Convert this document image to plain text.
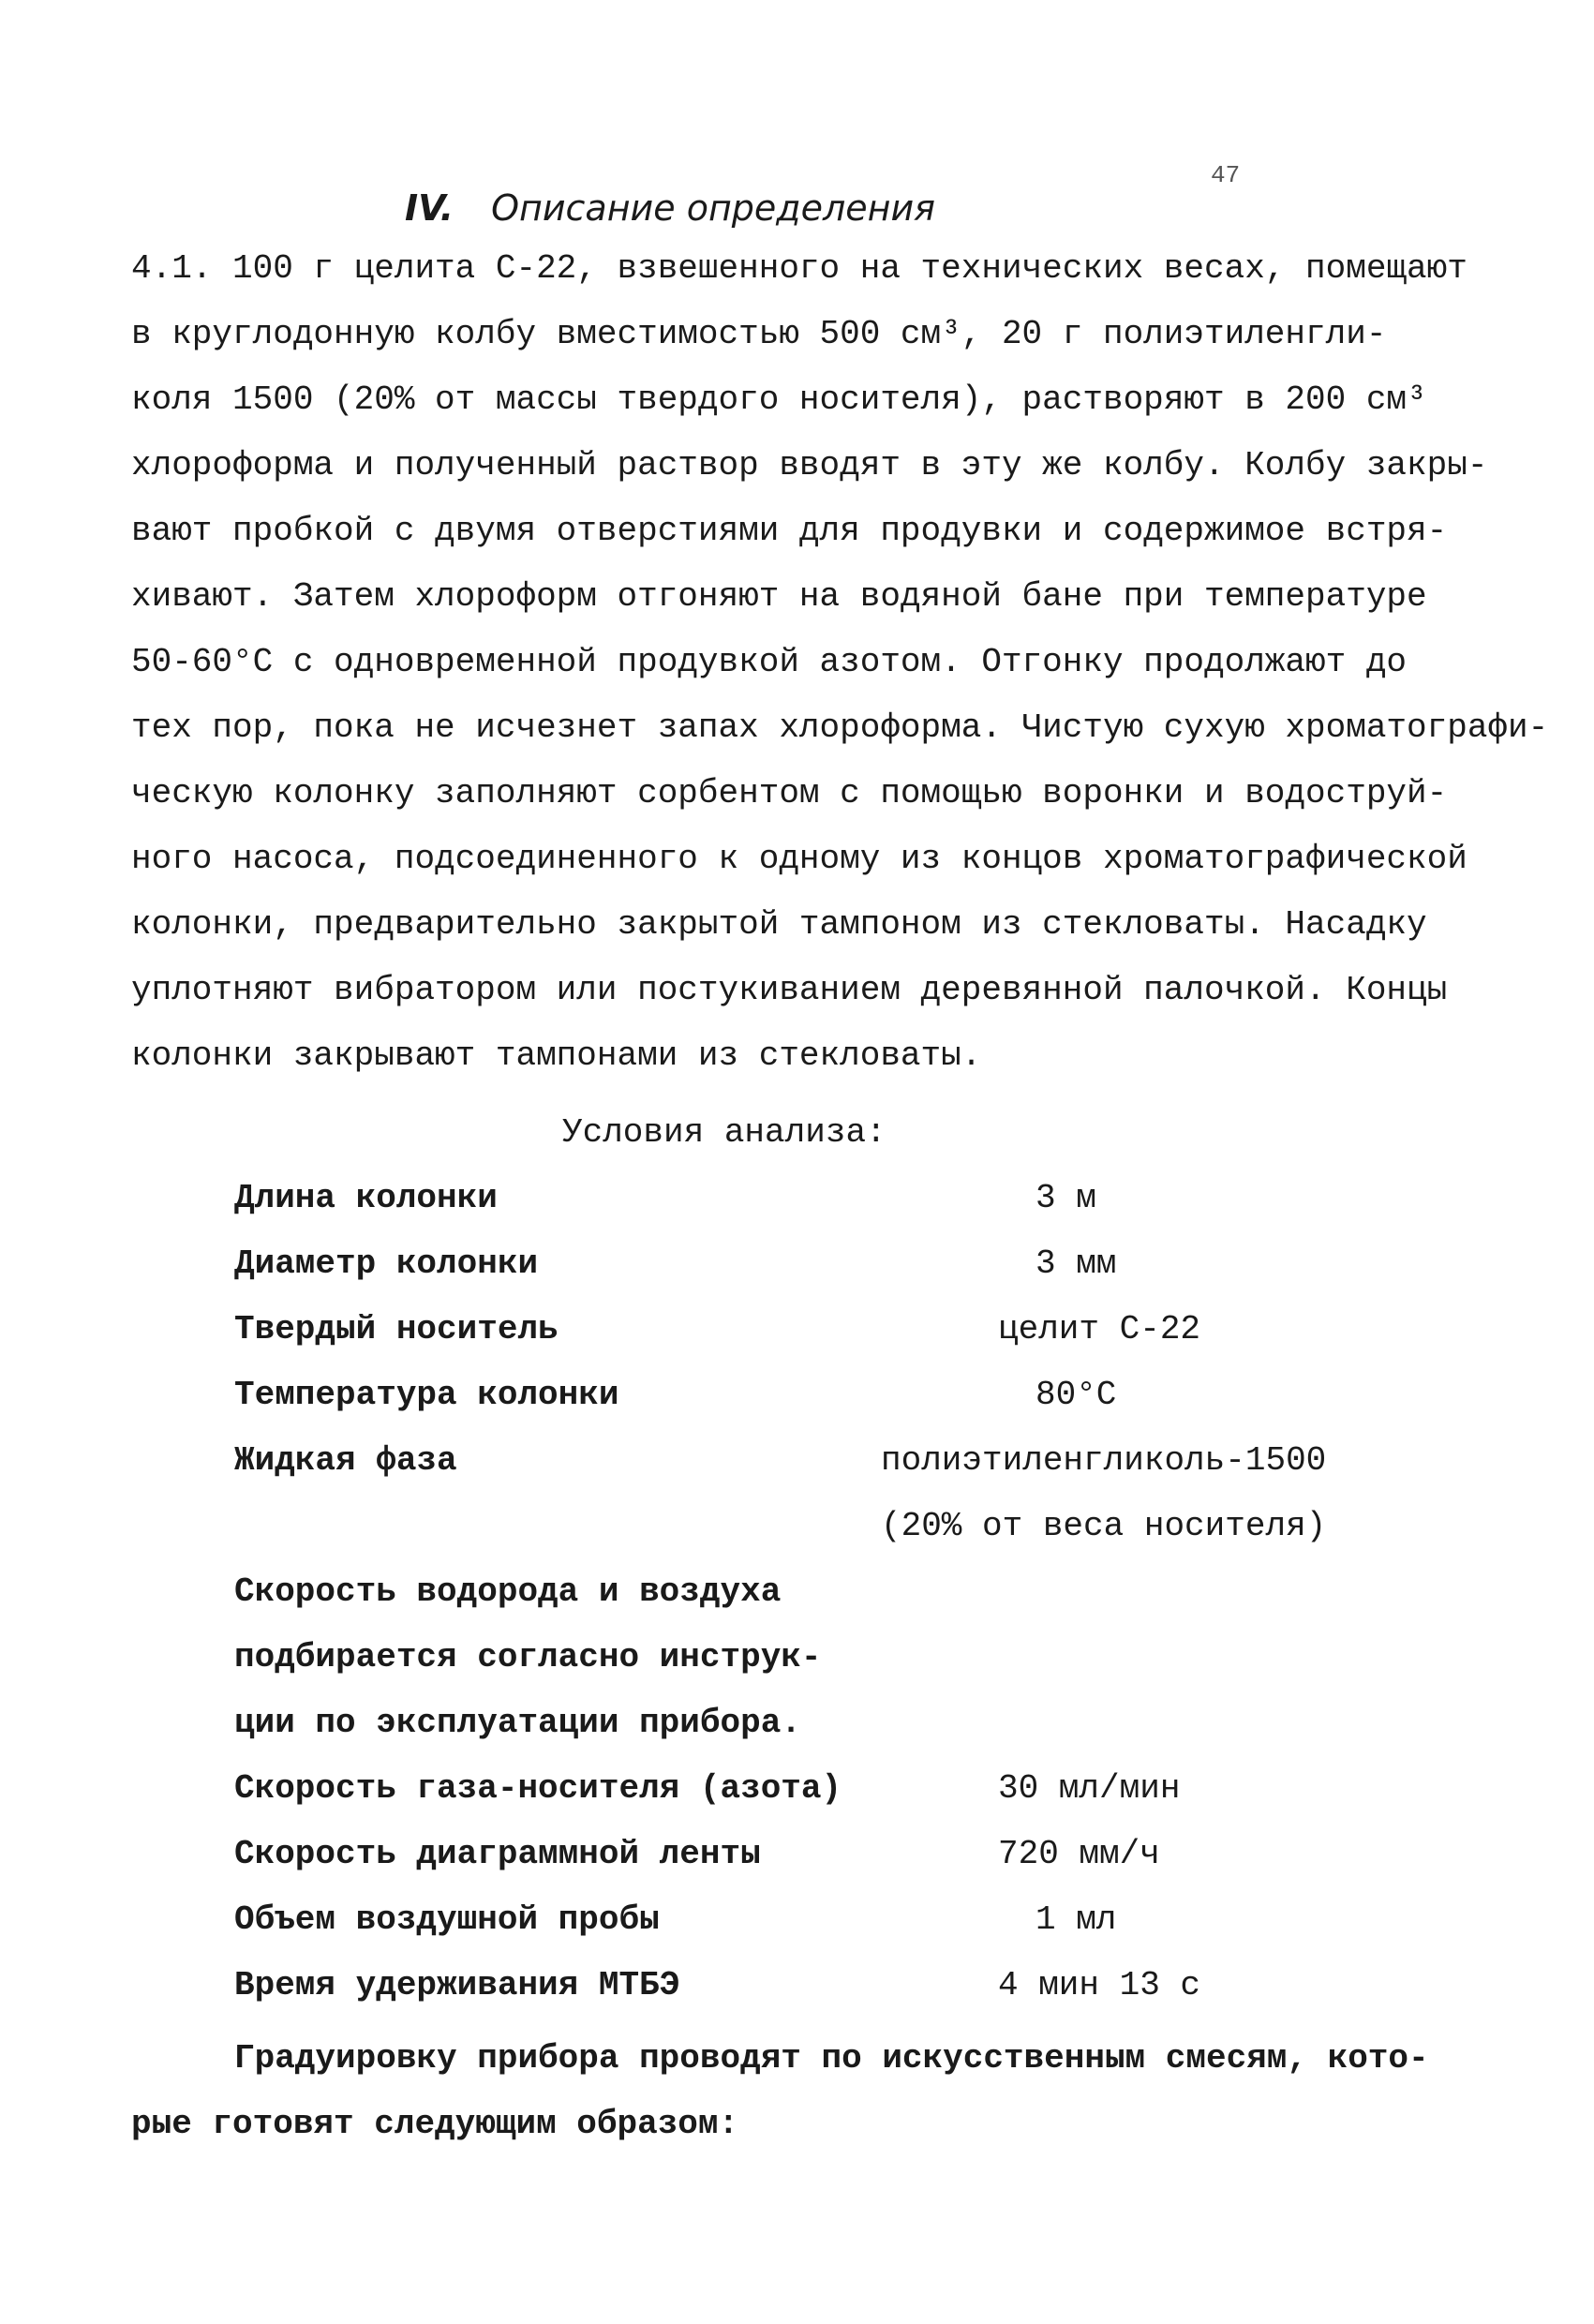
47
IV. Описание определения
4.1. 100 г целита С-22, взвешенного на технических весах, помещают
в круглодонную колбу вместимостью 500 см³, 20 г полиэтиленгли-
коля 1500 (20% от массы твердого носителя), растворяют в 200 см³
хлороформа и полученный раствор вводят в эту же колбу. Колбу закры-
вают пробкой с двумя отверстиями для продувки и содержимое встря-
хивают. Затем хлороформ отгоняют на водяной бане при температуре
50-60°С с одновременной продувкой азотом. Отгонку продолжают до
тех пор, пока не исчезнет запах хлороформа. Чистую сухую хроматографи-
ческую колонку заполняют сорбентом с помощью воронки и водоструй-
ного насоса, подсоединенного к одному из концов хроматографической
колонки, предварительно закрытой тампоном из стекловаты. Насадку
уплотняют вибратором или постукиванием деревянной палочкой. Концы
колонки закрывают тампонами из стекловаты.
Условия анализа:
Длина колонки	3 м
Диаметр колонки	3 мм
Твердый носитель	целит С-22
Температура колонки	80°С
Жидкая фаза	полиэтиленгликоль-1500
(20% от веса носителя)
Скорость водорода и воздуха
подбирается согласно инструк-
ции по эксплуатации прибора.
Скорость газа-носителя (азота)	30 мл/мин
Скорость диаграммной ленты	720 мм/ч
Объем воздушной пробы	1 мл
Время удерживания МТБЭ	4 мин 13 с
Градуировку прибора проводят по искусственным смесям, кото-
рые готовят следующим образом:
